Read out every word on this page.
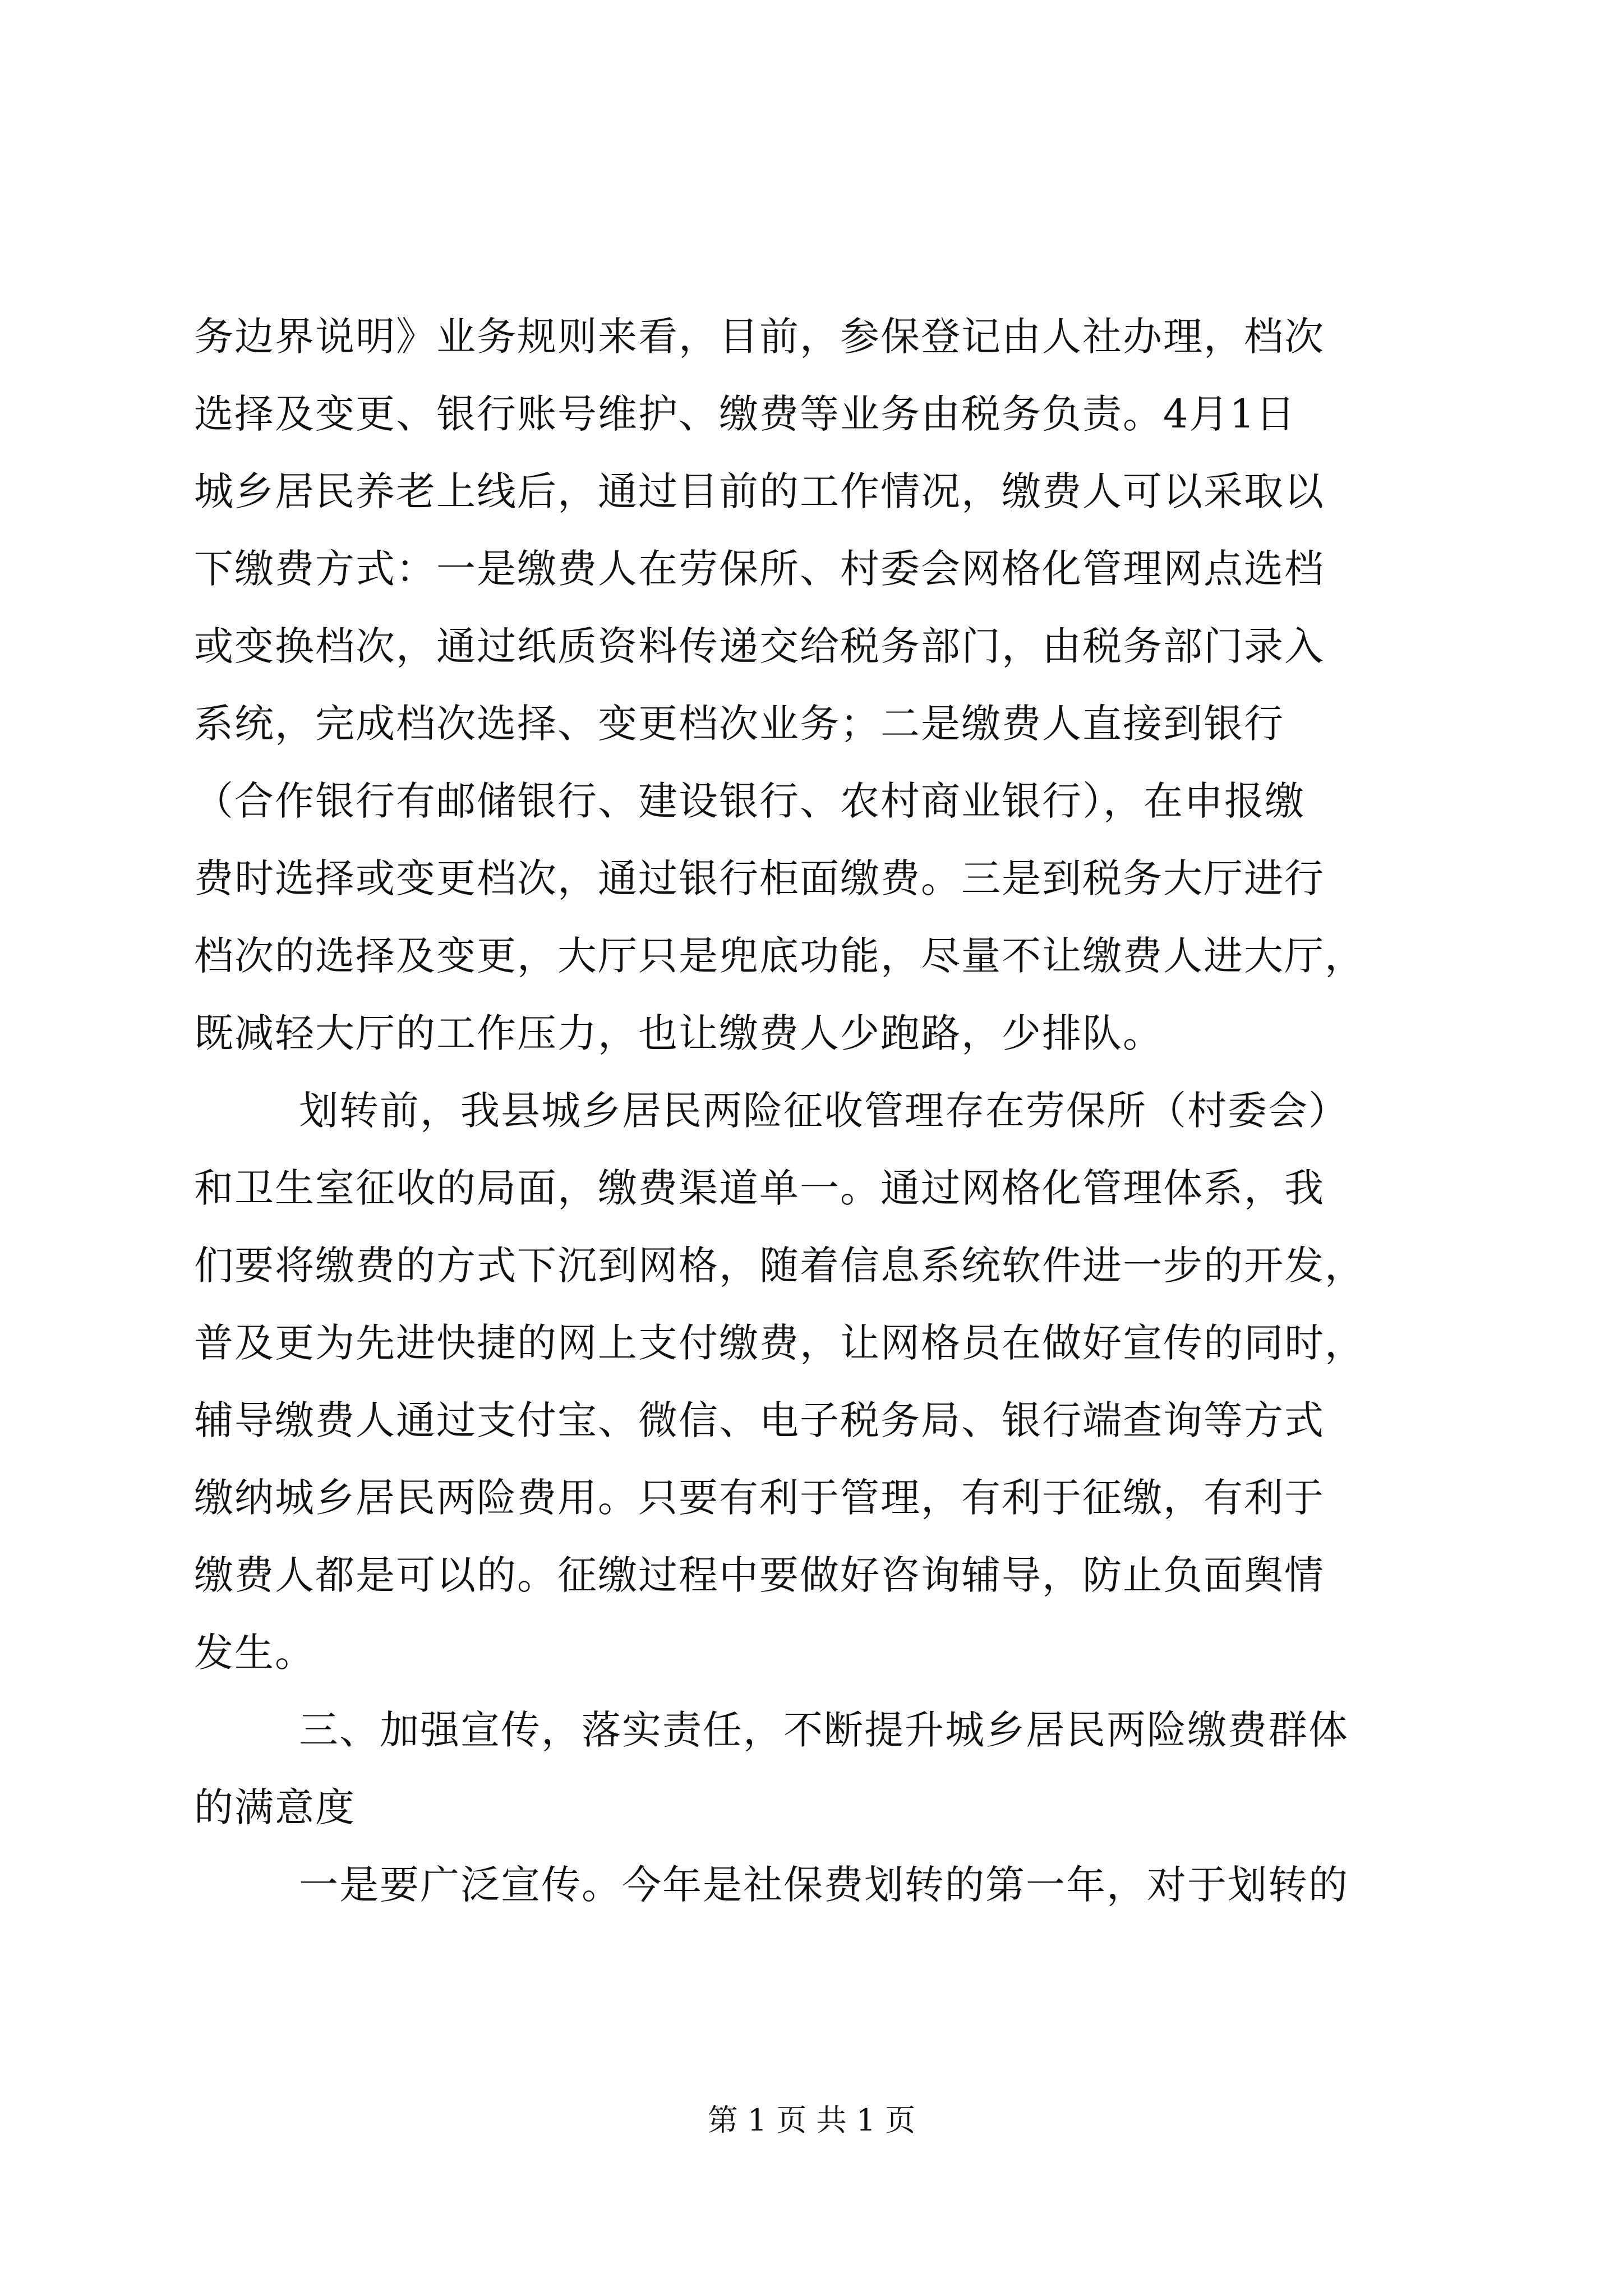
务边界说明》业务规则来看，目前，参保登记由人社办理，档次
选择及变更、银行账号维护、缴费等业务由税务负责。4月1日
城乡居民养老上线后，通过目前的工作情况，缴费人可以采取以
下缴费方式：一是缴费人在劳保所、村委会网格化管理网点选档
或变换档次，通过纸质资料传递交给税务部门，由税务部门录入
系统，完成档次选择、变更档次业务；二是缴费人直接到银行
（合作银行有邮储银行、建设银行、农村商业银行），在申报缴
费时选择或变更档次，通过银行柜面缴费。三是到税务大厅进行
档次的选择及变更，大厅只是兜底功能，尽量不让缴费人进大厅，
既减轻大厅的工作压力，也让缴费人少跑路，少排队。
划转前，我县城乡居民两险征收管理存在劳保所（村委会）
和卫生室征收的局面，缴费渠道单一。通过网格化管理体系，我
们要将缴费的方式下沉到网格，随着信息系统软件进一步的开发，
普及更为先进快捷的网上支付缴费，让网格员在做好宣传的同时，
辅导缴费人通过支付宝、微信、电子税务局、银行端查询等方式
缴纳城乡居民两险费用。只要有利于管理，有利于征缴，有利于
缴费人都是可以的。征缴过程中要做好咨询辅导，防止负面舆情
发生。
三、加强宣传，落实责任，不断提升城乡居民两险缴费群体
的满意度
一是要广泛宣传。今年是社保费划转的第一年，对于划转的
第 1 页 共 1 页
